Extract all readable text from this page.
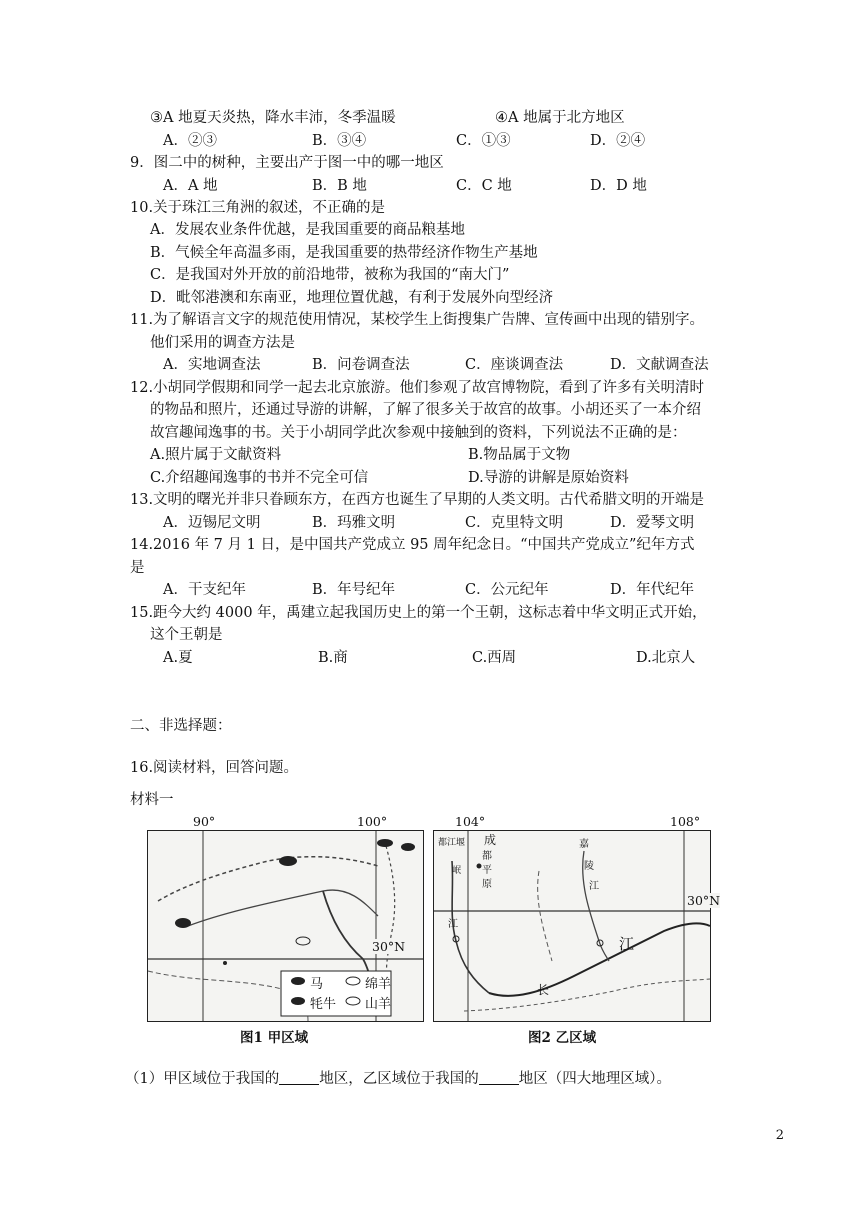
③A 地夏天炎热，降水丰沛，冬季温暖	④A 地属于北方地区
A．②③	B．③④	C．①③	D．②④
9．图二中的树种，主要出产于图一中的哪一地区
A．A 地	B．B 地	C．C 地	D．D 地
10.关于珠江三角洲的叙述，不正确的是
A．发展农业条件优越，是我国重要的商品粮基地
B．气候全年高温多雨，是我国重要的热带经济作物生产基地
C．是我国对外开放的前沿地带，被称为我国的“南大门”
D．毗邻港澳和东南亚，地理位置优越，有利于发展外向型经济
11.为了解语言文字的规范使用情况，某校学生上街搜集广告牌、宣传画中出现的错别字。
他们采用的调查方法是
A．实地调查法	B．问卷调查法	C．座谈调查法	D．文献调查法
12.小胡同学假期和同学一起去北京旅游。他们参观了故宫博物院，看到了许多有关明清时
的物品和照片，还通过导游的讲解，了解了很多关于故宫的故事。小胡还买了一本介绍
故宫趣闻逸事的书。关于小胡同学此次参观中接触到的资料，下列说法不正确的是：
A.照片属于文献资料	B.物品属于文物
C.介绍趣闻逸事的书并不完全可信	D.导游的讲解是原始资料
13.文明的曙光并非只眷顾东方，在西方也诞生了早期的人类文明。古代希腊文明的开端是
A．迈锡尼文明	B．玛雅文明	C．克里特文明	D．爱琴文明
14.2016 年 7 月 1 日，是中国共产党成立 95 周年纪念日。“中国共产党成立”纪年方式
是
A．干支纪年	B．年号纪年	C．公元纪年	D．年代纪年
15.距今大约 4000 年，禹建立起我国历史上的第一个王朝，这标志着中华文明正式开始，
这个王朝是
A.夏	B.商	C.西周	D.北京人
二、非选择题：
16.阅读材料，回答问题。
材料一
90°	100°
30°N
马	绵羊
牦牛 山羊
图1 甲区域
104°	108°
30°N
都江堰 成
都
平
原
岷
江
嘉
陵
江
江
长
图2 乙区域
（1）甲区域位于我国的	地区，乙区域位于我国的	地区（四大地理区域）。
2
